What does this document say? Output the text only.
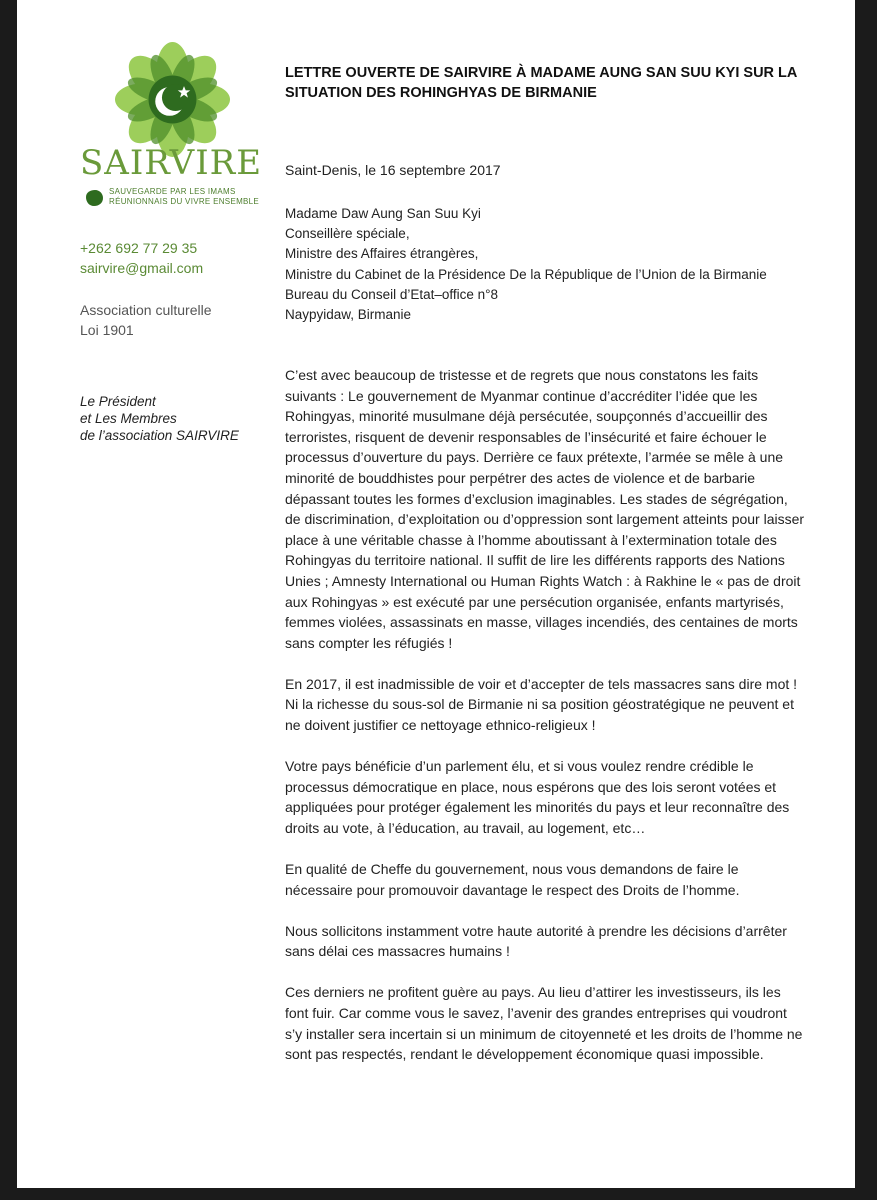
SAIRVIRE
SAUVEGARDE PAR LES IMAMS
RÉUNIONNAIS DU VIVRE ENSEMBLE
+262 692 77 29 35
sairvire@gmail.com
Association culturelle
Loi 1901
Le Président
et Les Membres
de l’association SAIRVIRE
LETTRE OUVERTE DE SAIRVIRE À MADAME AUNG SAN SUU KYI SUR LA SITUATION DES ROHINGHYAS DE BIRMANIE
Saint-Denis, le 16 septembre 2017
Madame Daw Aung San Suu Kyi
Conseillère spéciale,
Ministre des Affaires étrangères,
Ministre du Cabinet de la Présidence De la République de l’Union de la Birmanie
Bureau du Conseil d’Etat–office n°8
Naypyidaw, Birmanie

C’est avec beaucoup de tristesse et de regrets que nous constatons les faits suivants : Le gouvernement de Myanmar continue d’accréditer l’idée que les Rohingyas, minorité musulmane déjà persécutée, soupçonnés d’accueillir des terroristes, risquent de devenir responsables de l’insécurité et faire échouer le processus d’ouverture du pays. Derrière ce faux prétexte, l’armée se mêle à une minorité de bouddhistes pour perpétrer des actes de violence et de barbarie dépassant toutes les formes d’exclusion imaginables. Les stades de ségrégation, de discrimination, d’exploitation ou d’oppression sont largement atteints pour laisser place à une véritable chasse à l’homme aboutissant à l’extermination totale des Rohingyas du territoire national. Il suffit de lire les différents rapports des Nations Unies ; Amnesty International ou Human Rights Watch : à Rakhine le « pas de droit aux Rohingyas » est exécuté par une persécution organisée, enfants martyrisés, femmes violées, assassinats en masse, villages incendiés, des centaines de morts sans compter les réfugiés !

En 2017, il est inadmissible de voir et d’accepter de tels massacres sans dire mot !
Ni la richesse du sous-sol de Birmanie ni sa position géostratégique ne peuvent et ne doivent justifier ce nettoyage ethnico-religieux !

Votre pays bénéficie d’un parlement élu, et si vous voulez rendre crédible le processus démocratique en place, nous espérons que des lois seront votées et appliquées pour protéger également les minorités du pays et leur reconnaître des droits au vote, à l’éducation, au travail, au logement, etc…

En qualité de Cheffe du gouvernement, nous vous demandons de faire le nécessaire pour promouvoir davantage le respect des Droits de l’homme.

Nous sollicitons instamment votre haute autorité à prendre les décisions d’arrêter sans délai ces massacres humains !

Ces derniers ne profitent guère au pays. Au lieu d’attirer les investisseurs, ils les font fuir. Car comme vous le savez, l’avenir des grandes entreprises qui voudront s’y installer sera incertain si un minimum de citoyenneté et les droits de l’homme ne sont pas respectés, rendant le développement économique quasi impossible.
